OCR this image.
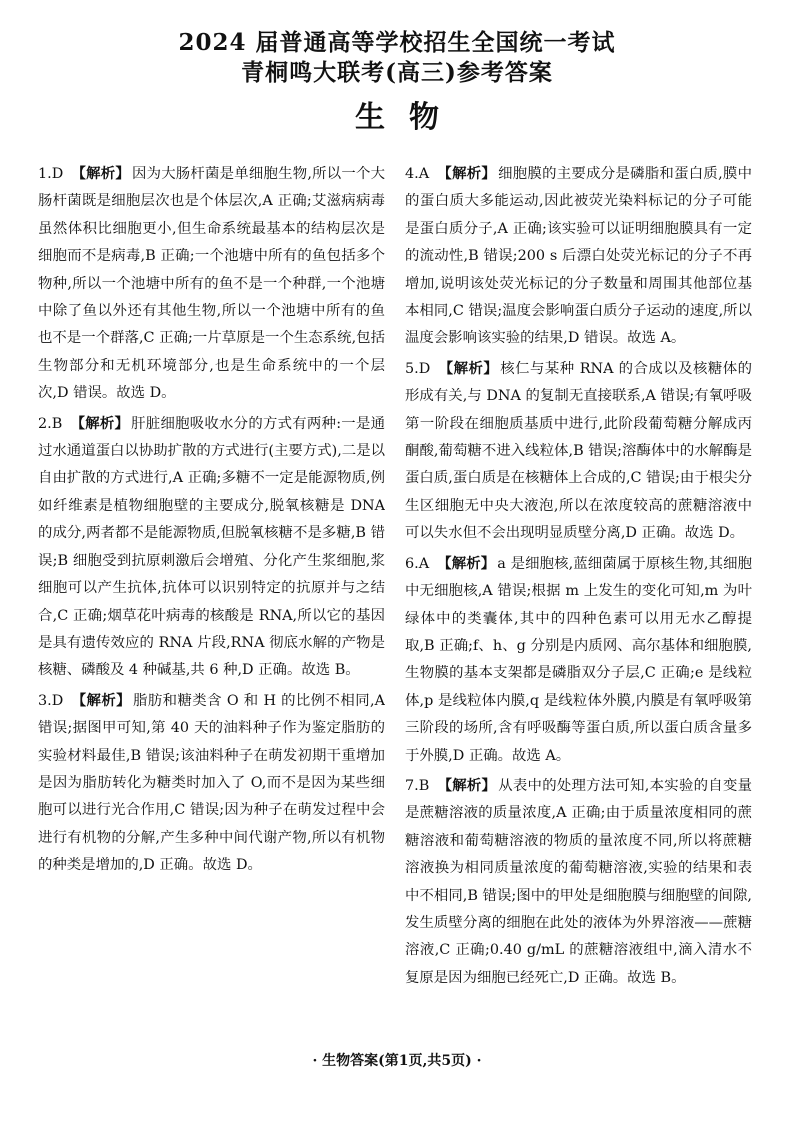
2024 届普通高等学校招生全国统一考试
青桐鸣大联考(高三)参考答案
生物

1.D 【解析】 因为大肠杆菌是单细胞生物,所以一个大肠杆菌既是细胞层次也是个体层次,A 正确;艾滋病病毒虽然体积比细胞更小,但生命系统最基本的结构层次是细胞而不是病毒,B 正确;一个池塘中所有的鱼包括多个物种,所以一个池塘中所有的鱼不是一个种群,一个池塘中除了鱼以外还有其他生物,所以一个池塘中所有的鱼也不是一个群落,C 正确;一片草原是一个生态系统,包括生物部分和无机环境部分,也是生命系统中的一个层次,D 错误。故选 D。

2.B 【解析】 肝脏细胞吸收水分的方式有两种:一是通过水通道蛋白以协助扩散的方式进行(主要方式),二是以自由扩散的方式进行,A 正确;多糖不一定是能源物质,例如纤维素是植物细胞壁的主要成分,脱氧核糖是 DNA 的成分,两者都不是能源物质,但脱氧核糖不是多糖,B 错误;B 细胞受到抗原刺激后会增殖、分化产生浆细胞,浆细胞可以产生抗体,抗体可以识别特定的抗原并与之结合,C 正确;烟草花叶病毒的核酸是 RNA,所以它的基因是具有遗传效应的 RNA 片段,RNA 彻底水解的产物是核糖、磷酸及 4 种碱基,共 6 种,D 正确。故选 B。

3.D 【解析】 脂肪和糖类含 O 和 H 的比例不相同,A 错误;据图甲可知,第 40 天的油料种子作为鉴定脂肪的实验材料最佳,B 错误;该油料种子在萌发初期干重增加是因为脂肪转化为糖类时加入了 O,而不是因为某些细胞可以进行光合作用,C 错误;因为种子在萌发过程中会进行有机物的分解,产生多种中间代谢产物,所以有机物的种类是增加的,D 正确。故选 D。

4.A 【解析】 细胞膜的主要成分是磷脂和蛋白质,膜中的蛋白质大多能运动,因此被荧光染料标记的分子可能是蛋白质分子,A 正确;该实验可以证明细胞膜具有一定的流动性,B 错误;200 s 后漂白处荧光标记的分子不再增加,说明该处荧光标记的分子数量和周围其他部位基本相同,C 错误;温度会影响蛋白质分子运动的速度,所以温度会影响该实验的结果,D 错误。故选 A。

5.D 【解析】 核仁与某种 RNA 的合成以及核糖体的形成有关,与 DNA 的复制无直接联系,A 错误;有氧呼吸第一阶段在细胞质基质中进行,此阶段葡萄糖分解成丙酮酸,葡萄糖不进入线粒体,B 错误;溶酶体中的水解酶是蛋白质,蛋白质是在核糖体上合成的,C 错误;由于根尖分生区细胞无中央大液泡,所以在浓度较高的蔗糖溶液中可以失水但不会出现明显质壁分离,D 正确。故选 D。

6.A 【解析】 a 是细胞核,蓝细菌属于原核生物,其细胞中无细胞核,A 错误;根据 m 上发生的变化可知,m 为叶绿体中的类囊体,其中的四种色素可以用无水乙醇提取,B 正确;f、h、g 分别是内质网、高尔基体和细胞膜,生物膜的基本支架都是磷脂双分子层,C 正确;e 是线粒体,p 是线粒体内膜,q 是线粒体外膜,内膜是有氧呼吸第三阶段的场所,含有呼吸酶等蛋白质,所以蛋白质含量多于外膜,D 正确。故选 A。

7.B 【解析】 从表中的处理方法可知,本实验的自变量是蔗糖溶液的质量浓度,A 正确;由于质量浓度相同的蔗糖溶液和葡萄糖溶液的物质的量浓度不同,所以将蔗糖溶液换为相同质量浓度的葡萄糖溶液,实验的结果和表中不相同,B 错误;图中的甲处是细胞膜与细胞壁的间隙,发生质壁分离的细胞在此处的液体为外界溶液——蔗糖溶液,C 正确;0.40 g/mL 的蔗糖溶液组中,滴入清水不复原是因为细胞已经死亡,D 正确。故选 B。

· 生物答案(第1页,共5页) ·
